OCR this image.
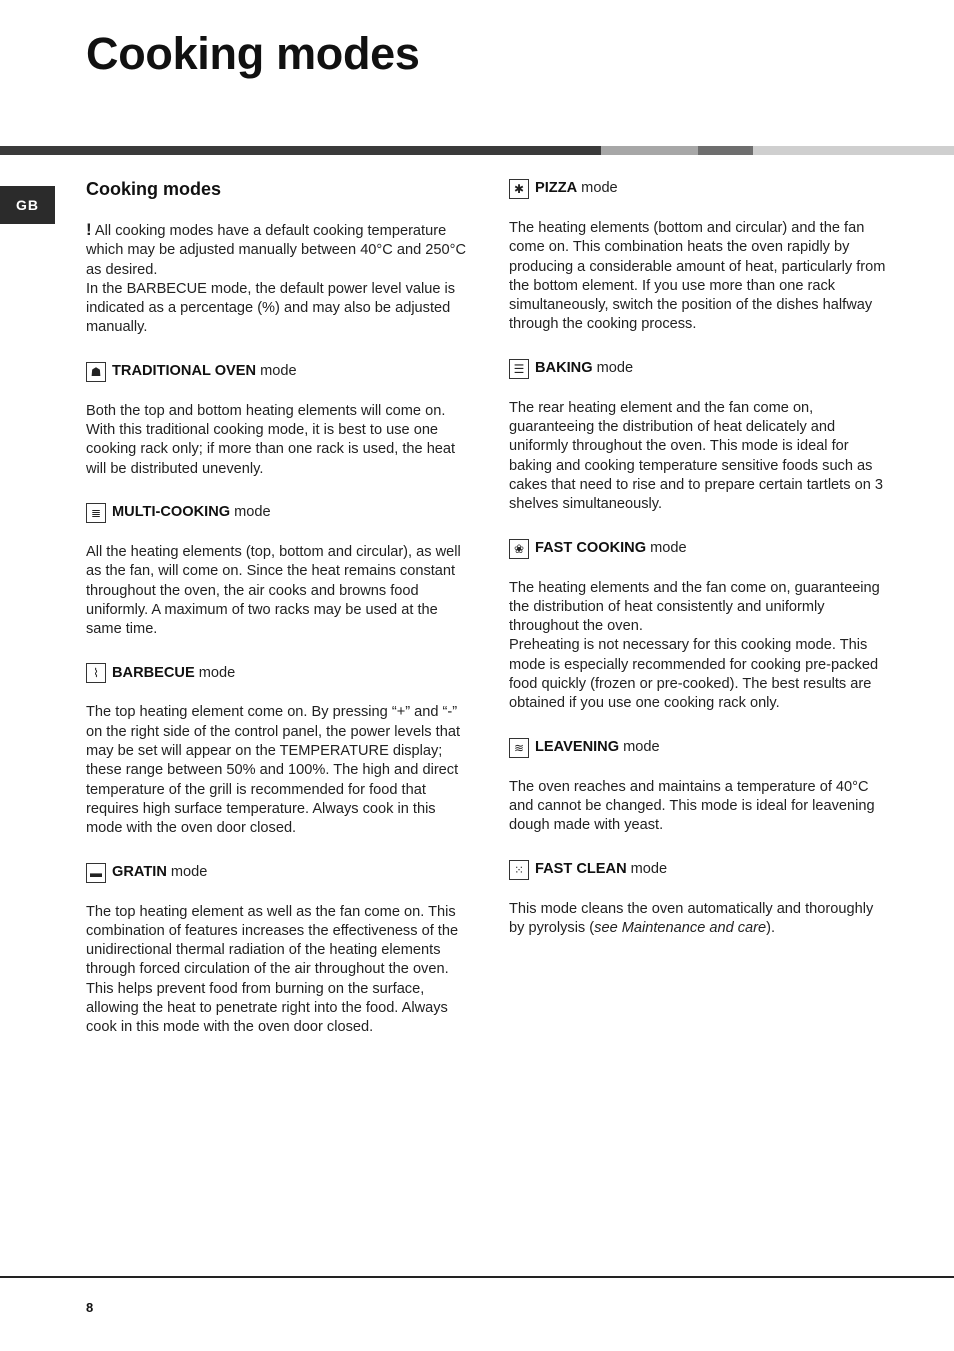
Cooking modes
GB
Cooking modes

! All cooking modes have a default cooking temperature which may be adjusted manually between 40°C and 250°C as desired.

In the BARBECUE mode, the default power level value is indicated as a percentage (%) and may also be adjusted manually.

☗ TRADITIONAL OVEN mode

Both the top and bottom heating elements will come on. With this traditional cooking mode, it is best to use one cooking rack only; if more than one rack is used, the heat will be distributed unevenly.

≣ MULTI-COOKING mode

All the heating elements (top, bottom and circular), as well as the fan, will come on. Since the heat remains constant throughout the oven, the air cooks and browns food uniformly. A maximum of two racks may be used at the same time.

⌇ BARBECUE mode

The top heating element come on. By pressing “+” and “-” on the right side of the control panel, the power levels that may be set will appear on the TEMPERATURE display; these range between 50% and 100%. The high and direct temperature of the grill is recommended for food that requires high surface temperature. Always cook in this mode with the oven door closed.

▬ GRATIN mode

The top heating element as well as the fan come on. This combination of features increases the effectiveness of the unidirectional thermal radiation of the heating elements through forced circulation of the air throughout the oven.

This helps prevent food from burning on the surface, allowing the heat to penetrate right into the food. Always cook in this mode with the oven door closed.

✱ PIZZA mode

The heating elements (bottom and circular) and the fan come on. This combination heats the oven rapidly by producing a considerable amount of heat, particularly from the bottom element. If you use more than one rack simultaneously, switch the position of the dishes halfway through the cooking process.

☰ BAKING mode

The rear heating element and the fan come on, guaranteeing the distribution of heat delicately and uniformly throughout the oven. This mode is ideal for baking and cooking temperature sensitive foods such as cakes that need to rise and to prepare certain tartlets on 3 shelves simultaneously.

❀ FAST COOKING mode

The heating elements and the fan come on, guaranteeing the distribution of heat consistently and uniformly throughout the oven.

Preheating is not necessary for this cooking mode. This mode is especially recommended for cooking pre-packed food quickly (frozen or pre-cooked). The best results are obtained if you use one cooking rack only.

≋ LEAVENING mode

The oven reaches and maintains a temperature of 40°C and cannot be changed. This mode is ideal for leavening dough made with yeast.

⁙ FAST CLEAN mode

This mode cleans the oven automatically and thoroughly by pyrolysis (see Maintenance and care).

8
